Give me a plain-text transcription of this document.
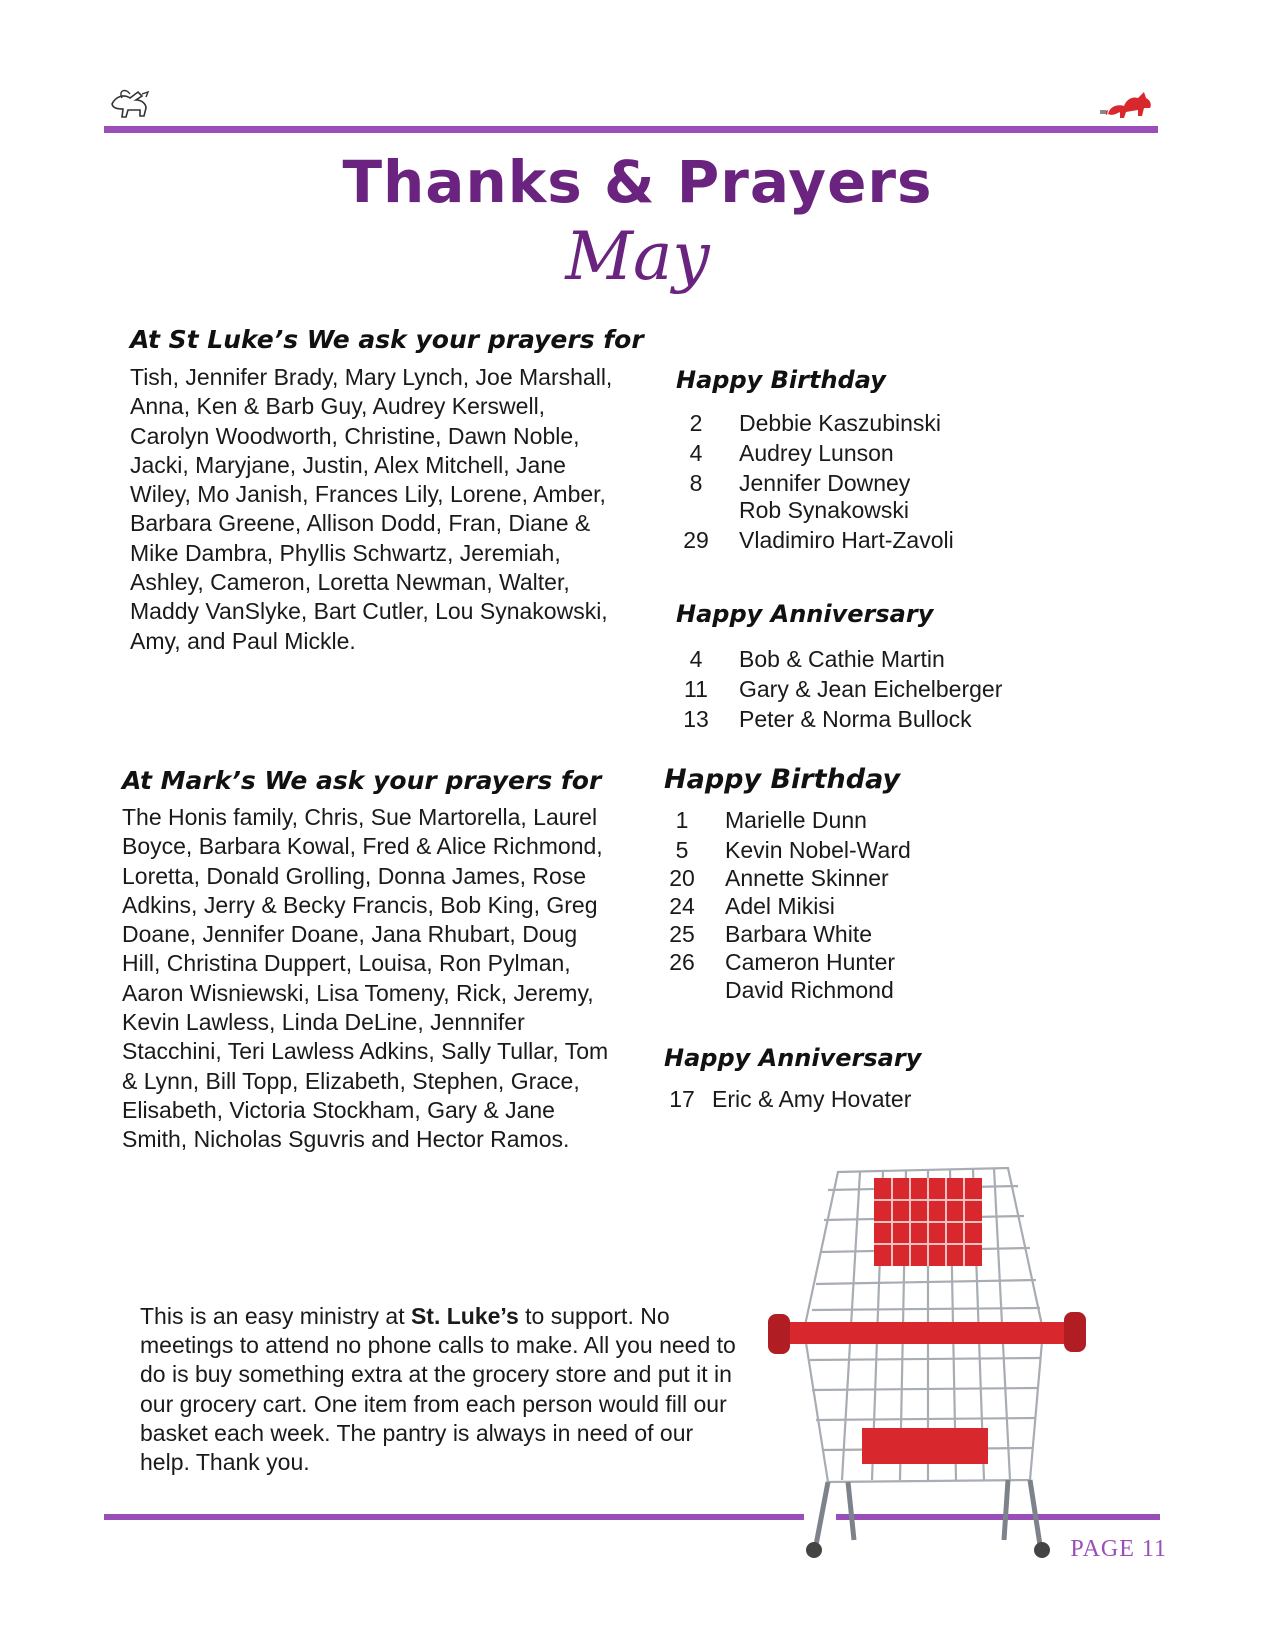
Thanks & Prayers
May
At St Luke’s We ask your prayers for
Tish, Jennifer Brady, Mary Lynch, Joe Marshall, Anna, Ken & Barb Guy, Audrey Kerswell, Carolyn Woodworth, Christine, Dawn Noble, Jacki, Maryjane, Justin, Alex Mitchell, Jane Wiley, Mo Janish, Frances Lily, Lorene, Amber, Barbara Greene, Allison Dodd, Fran, Diane & Mike Dambra, Phyllis Schwartz, Jeremiah, Ashley, Cameron, Loretta Newman, Walter, Maddy VanSlyke, Bart Cutler, Lou Synakowski, Amy, and Paul Mickle.
At Mark’s We ask your prayers for
The Honis family, Chris, Sue Martorella, Laurel Boyce, Barbara Kowal, Fred & Alice Richmond, Loretta, Donald Grolling, Donna James, Rose Adkins, Jerry & Becky Francis, Bob King, Greg Doane, Jennifer Doane, Jana Rhubart, Doug Hill, Christina Duppert, Louisa, Ron Pylman, Aaron Wisniewski, Lisa Tomeny, Rick, Jeremy, Kevin Lawless, Linda DeLine, Jennnifer Stacchini, Teri Lawless Adkins, Sally Tullar, Tom & Lynn, Bill Topp, Elizabeth, Stephen, Grace, Elisabeth, Victoria Stockham, Gary & Jane Smith, Nicholas Sguvris and Hector Ramos.
Happy Birthday
2	Debbie Kaszubinski
4	Audrey Lunson
8	Jennifer Downey
Rob Synakowski
29	Vladimiro Hart-Zavoli
Happy Anniversary
4	Bob & Cathie Martin
11	Gary & Jean Eichelberger
13	Peter & Norma Bullock
Happy Birthday
1	Marielle Dunn
5	Kevin Nobel-Ward
20	Annette Skinner
24	Adel Mikisi
25	Barbara White
26	Cameron Hunter
David Richmond
Happy Anniversary
17 Eric & Amy Hovater
This is an easy ministry at St. Luke’s to support. No meetings to attend no phone calls to make. All you need to do is buy something extra at the grocery store and put it in our grocery cart. One item from each person would fill our basket each week. The pantry is always in need of our help. Thank you.
PAGE 11
